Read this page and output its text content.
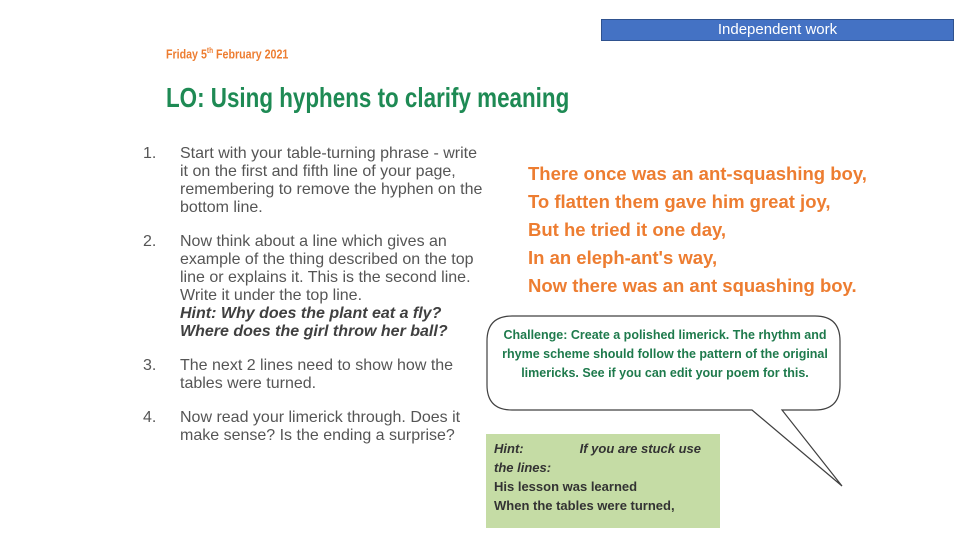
Independent work
Friday 5th February 2021
LO: Using hyphens to clarify meaning
1. Start with your table-turning phrase - write it on the first and fifth line of your page, remembering to remove the hyphen on the bottom line.
2. Now think about a line which gives an example of the thing described on the top line or explains it. This is the second line. Write it under the top line.
Hint: Why does the plant eat a fly? Where does the girl throw her ball?
3. The next 2 lines need to show how the tables were turned.
4. Now read your limerick through. Does it make sense? Is the ending a surprise?
There once was an ant-squashing boy,
To flatten them gave him great joy,
But he tried it one day,
In an eleph-ant's way,
Now there was an ant squashing boy.
Challenge: Create a polished limerick. The rhythm and rhyme scheme should follow the pattern of the original limericks. See if you can edit your poem for this.
Hint:	If you are stuck use the lines:
His lesson was learned
When the tables were turned,
